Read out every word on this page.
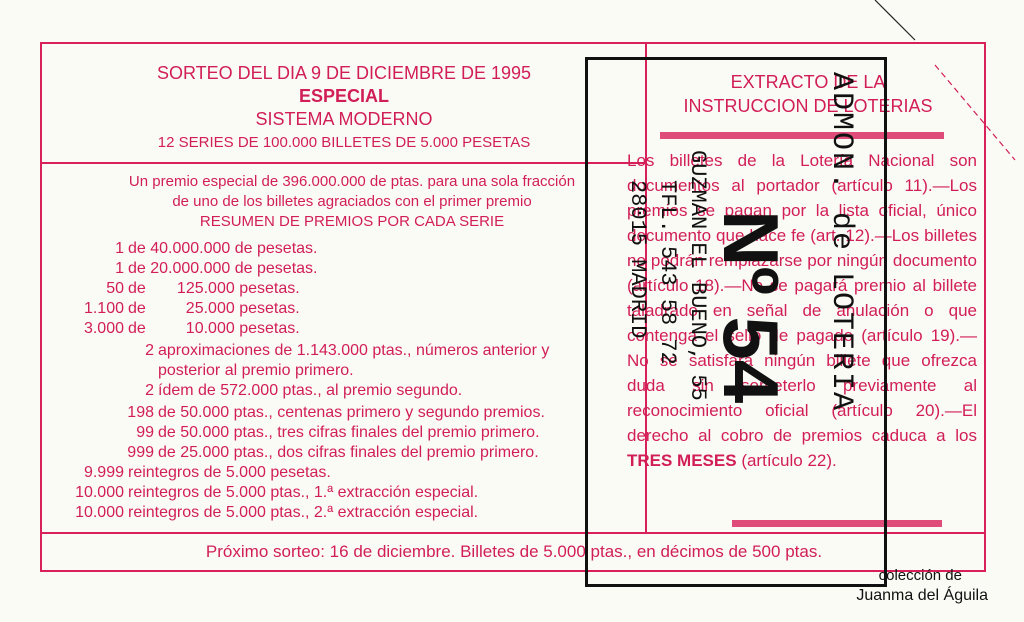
SORTEO DEL DIA 9 DE DICIEMBRE DE 1995
ESPECIAL
SISTEMA MODERNO
12 SERIES DE 100.000 BILLETES DE 5.000 PESETAS
Un premio especial de 396.000.000 de ptas. para una sola fracción
de uno de los billetes agraciados con el primer premio
RESUMEN DE PREMIOS POR CADA SERIE
1 de 40.000.000 de pesetas.
1 de 20.000.000 de pesetas.
50 de       125.000 pesetas.
1.100 de         25.000 pesetas.
3.000 de         10.000 pesetas.
2 aproximaciones de 1.143.000 ptas., números anterior y
posterior al premio primero.
2 ídem de 572.000 ptas., al premio segundo.
198 de 50.000 ptas., centenas primero y segundo premios.
99 de 50.000 ptas., tres cifras finales del premio primero.
999 de 25.000 ptas., dos cifras finales del premio primero.
9.999 reintegros de 5.000 pesetas.
10.000 reintegros de 5.000 ptas., 1.ª extracción especial.
10.000 reintegros de 5.000 ptas., 2.ª extracción especial.
EXTRACTO DE LA
INSTRUCCION DE LOTERIAS
Los billetes de la Lotería Nacional son documentos al portador (artículo 11).—Los premios se pagan por la lista oficial, único documento que hace fe (art. 12).—Los billetes no podrán remplazarse por ningún documento (artículo 18).—No se pagará premio al billete taladrado en señal de anulación o que contenga el sello de pagado (artículo 19).—No se satisfará ningún billete que ofrezca duda sin someterlo previamente al reconocimiento oficial (artículo 20).—El derecho al cobro de premios caduca a los TRES MESES (artículo 22).
Próximo sorteo: 16 de diciembre. Billetes de 5.000 ptas., en décimos de 500 ptas.
ADMON. de LOTERIA
Nº 54
GUZMAN EL BUENO, 55
TFL. 543 58 72
28015 MADRID
colección de
Juanma del Águila
